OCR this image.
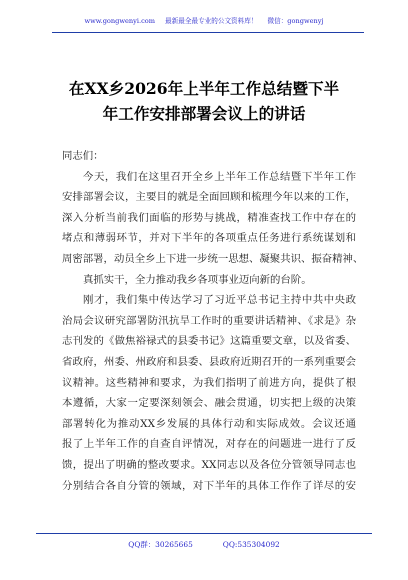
www.gongwenyi.com 最新最全最专业的公文资料库！ 微信：gongwenyj
在XX乡2026年上半年工作总结暨下半
年工作安排部署会议上的讲话
同志们：
今天，我们在这里召开全乡上半年工作总结暨下半年工作
安排部署会议，主要目的就是全面回顾和梳理今年以来的工作，
深入分析当前我们面临的形势与挑战，精准查找工作中存在的
堵点和薄弱环节，并对下半年的各项重点任务进行系统谋划和
周密部署，动员全乡上下进一步统一思想、凝聚共识、振奋精神、
真抓实干，全力推动我乡各项事业迈向新的台阶。
刚才，我们集中传达学习了习近平总书记主持中共中央政
治局会议研究部署防汛抗旱工作时的重要讲话精神、《求是》杂
志刊发的《做焦裕禄式的县委书记》这篇重要文章，以及省委、
省政府，州委、州政府和县委、县政府近期召开的一系列重要会
议精神。这些精神和要求，为我们指明了前进方向，提供了根
本遵循，大家一定要深刻领会、融会贯通，切实把上级的决策
部署转化为推动XX乡发展的具体行动和实际成效。会议还通
报了上半年工作的自查自评情况，对存在的问题进一进行了反
馈，提出了明确的整改要求。XX同志以及各位分管领导同志也
分别结合各自分管的领域，对下半年的具体工作作了详尽的安
QQ群：30265665	QQ:535304092
